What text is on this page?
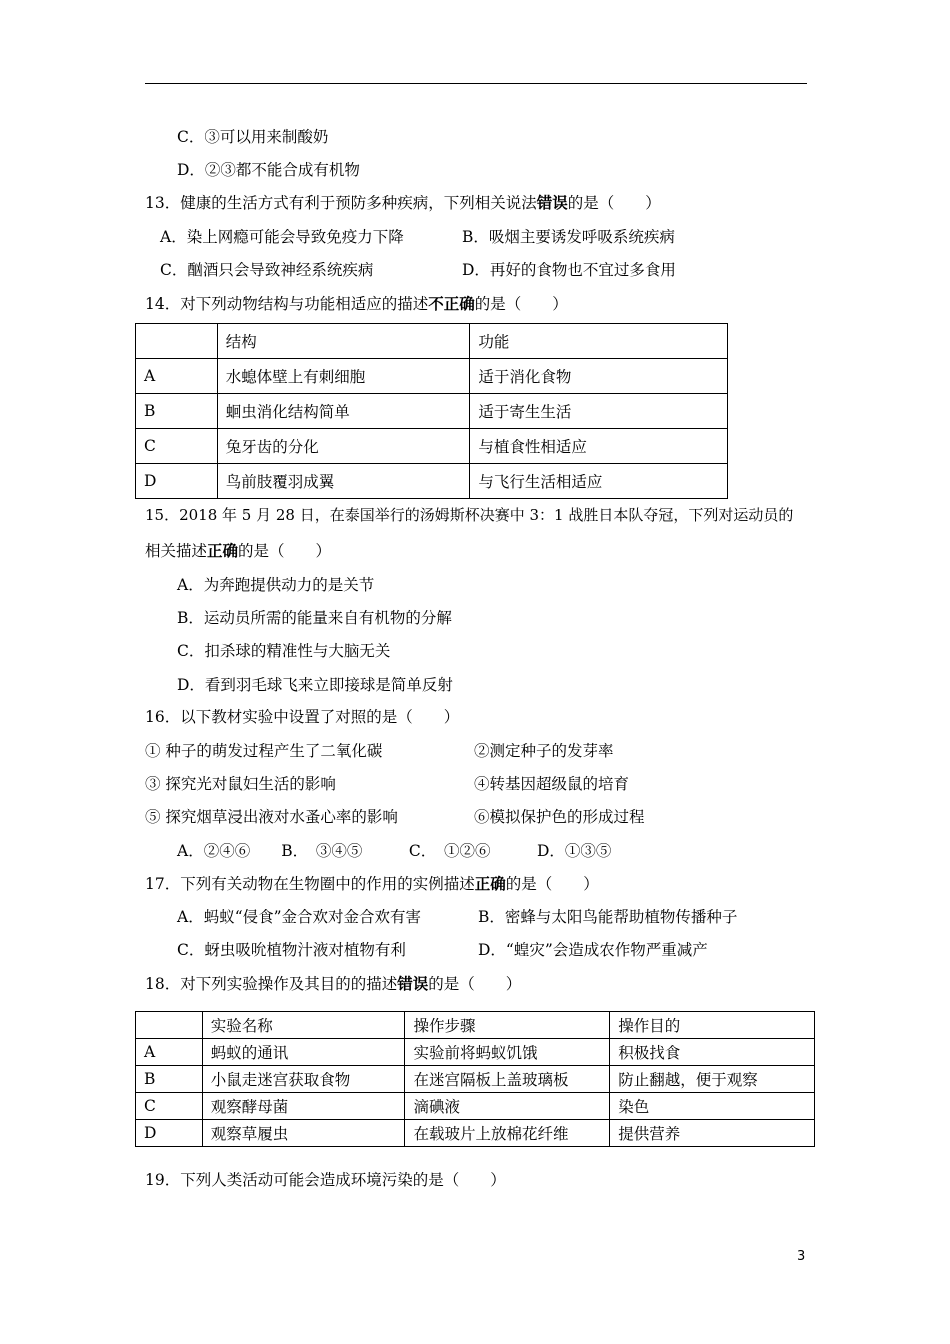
C．③可以用来制酸奶
D．②③都不能合成有机物
13．健康的生活方式有利于预防多种疾病，下列相关说法错误的是（　　）
A．染上网瘾可能会导致免疫力下降	B．吸烟主要诱发呼吸系统疾病
C．酗酒只会导致神经系统疾病	D．再好的食物也不宜过多食用
14．对下列动物结构与功能相适应的描述不正确的是（　　）
	结构	功能
A	水螅体壁上有刺细胞	适于消化食物
B	蛔虫消化结构简单	适于寄生生活
C	兔牙齿的分化	与植食性相适应
D	鸟前肢覆羽成翼	与飞行生活相适应
15．2018 年 5 月 28 日，在泰国举行的汤姆斯杯决赛中 3：1 战胜日本队夺冠，下列对运动员的
相关描述正确的是（　　）
A．为奔跑提供动力的是关节
B．运动员所需的能量来自有机物的分解
C．扣杀球的精准性与大脑无关
D．看到羽毛球飞来立即接球是简单反射
16．以下教材实验中设置了对照的是（　　）
① 种子的萌发过程产生了二氧化碳	②测定种子的发芽率
③ 探究光对鼠妇生活的影响	④转基因超级鼠的培育
⑤ 探究烟草浸出液对水蚤心率的影响	⑥模拟保护色的形成过程
A．②④⑥　　B．　③④⑤　　　C．　①②⑥　　　D．①③⑤
17．下列有关动物在生物圈中的作用的实例描述正确的是（　　）
A．蚂蚁“侵食”金合欢对金合欢有害	B．密蜂与太阳鸟能帮助植物传播种子
C．蚜虫吸吮植物汁液对植物有利	D．“蝗灾”会造成农作物严重减产
18．对下列实验操作及其目的的描述错误的是（　　）
	实验名称	操作步骤	操作目的
A	蚂蚁的通讯	实验前将蚂蚁饥饿	积极找食
B	小鼠走迷宫获取食物	在迷宫隔板上盖玻璃板	防止翻越，便于观察
C	观察酵母菌	滴碘液	染色
D	观察草履虫	在载玻片上放棉花纤维	提供营养
19．下列人类活动可能会造成环境污染的是（　　）
3
